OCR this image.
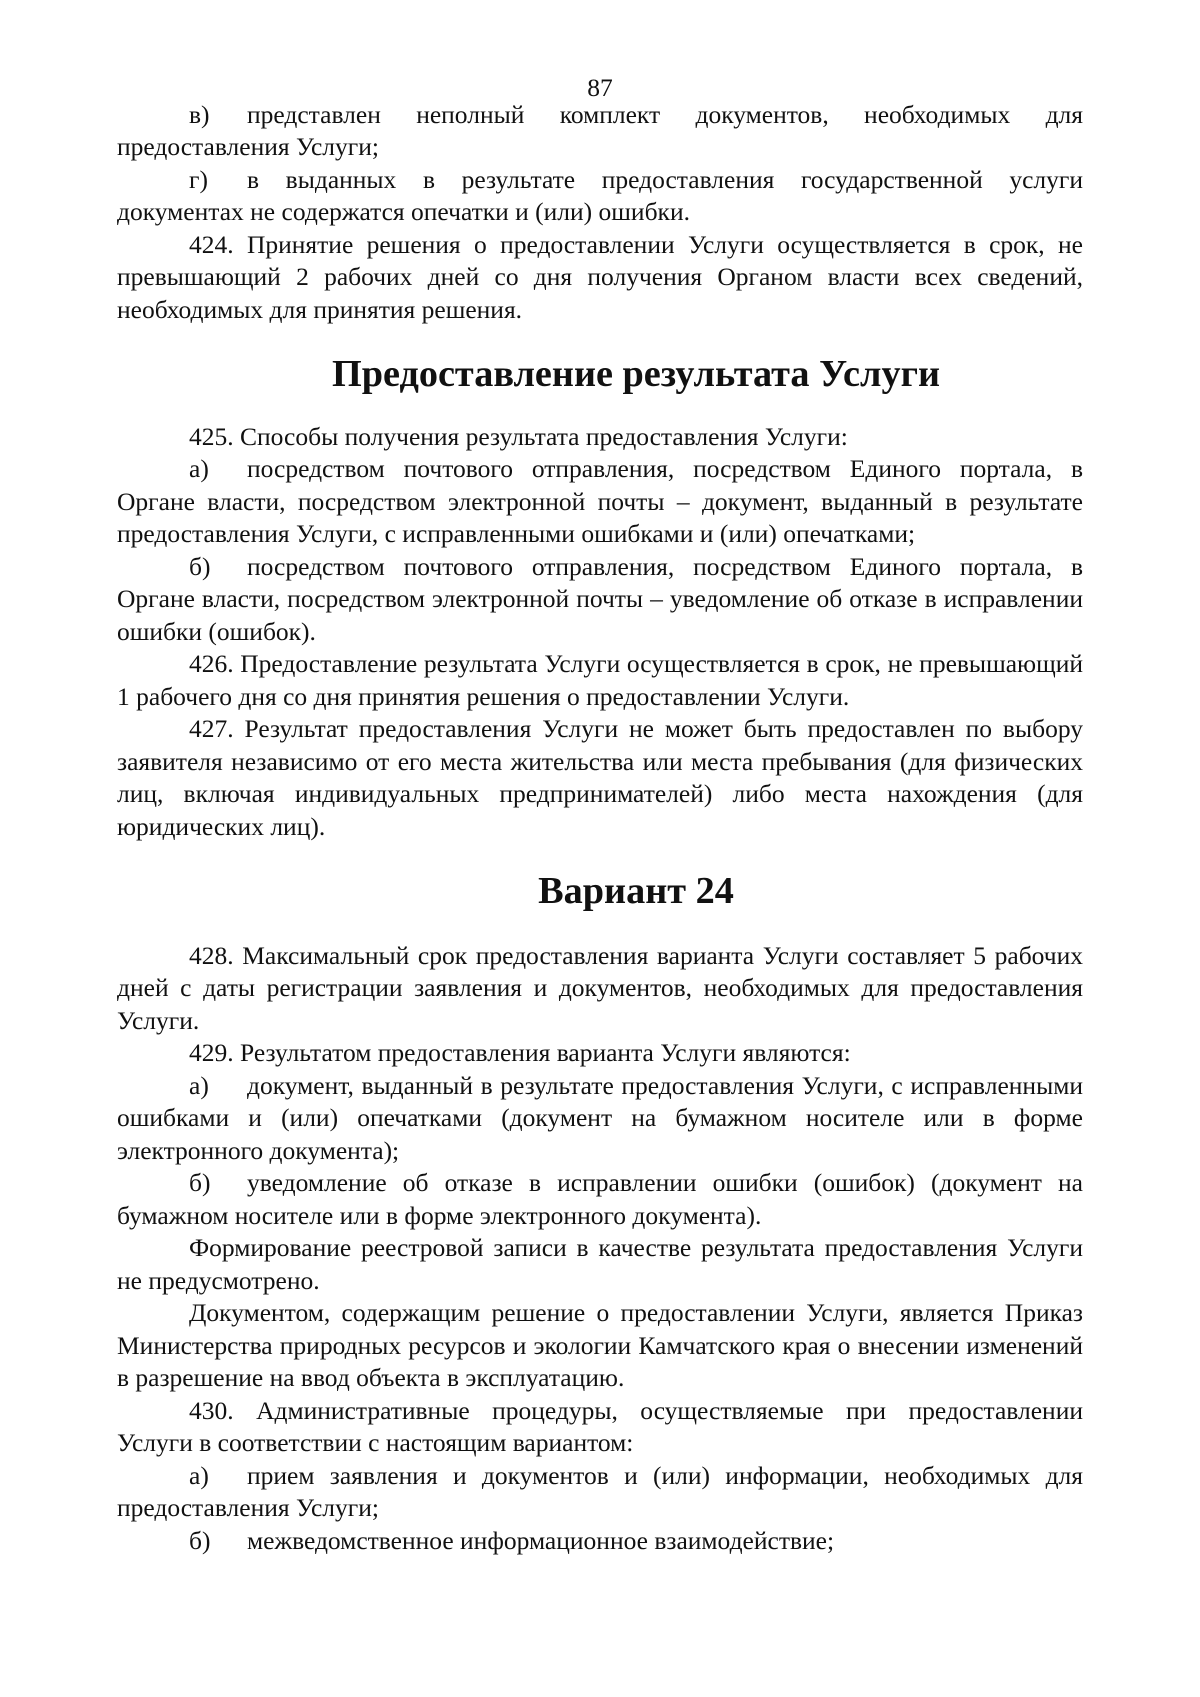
87

в) представлен неполный комплект документов, необходимых для предоставления Услуги;

г) в выданных в результате предоставления государственной услуги документах не содержатся опечатки и (или) ошибки.

424. Принятие решения о предоставлении Услуги осуществляется в срок, не превышающий 2 рабочих дней со дня получения Органом власти всех сведений, необходимых для принятия решения.

Предоставление результата Услуги

425. Способы получения результата предоставления Услуги:

а) посредством почтового отправления, посредством Единого портала, в Органе власти, посредством электронной почты – документ, выданный в результате предоставления Услуги, с исправленными ошибками и (или) опечатками;

б) посредством почтового отправления, посредством Единого портала, в Органе власти, посредством электронной почты – уведомление об отказе в исправлении ошибки (ошибок).

426. Предоставление результата Услуги осуществляется в срок, не превышающий 1 рабочего дня со дня принятия решения о предоставлении Услуги.

427. Результат предоставления Услуги не может быть предоставлен по выбору заявителя независимо от его места жительства или места пребывания (для физических лиц, включая индивидуальных предпринимателей) либо места нахождения (для юридических лиц).

Вариант 24

428. Максимальный срок предоставления варианта Услуги составляет 5 рабочих дней с даты регистрации заявления и документов, необходимых для предоставления Услуги.

429. Результатом предоставления варианта Услуги являются:

а) документ, выданный в результате предоставления Услуги, с исправленными ошибками и (или) опечатками (документ на бумажном носителе или в форме электронного документа);

б) уведомление об отказе в исправлении ошибки (ошибок) (документ на бумажном носителе или в форме электронного документа).

Формирование реестровой записи в качестве результата предоставления Услуги не предусмотрено.

Документом, содержащим решение о предоставлении Услуги, является Приказ Министерства природных ресурсов и экологии Камчатского края о внесении изменений в разрешение на ввод объекта в эксплуатацию.

430. Административные процедуры, осуществляемые при предоставлении Услуги в соответствии с настоящим вариантом:

а) прием заявления и документов и (или) информации, необходимых для предоставления Услуги;

б) межведомственное информационное взаимодействие;
